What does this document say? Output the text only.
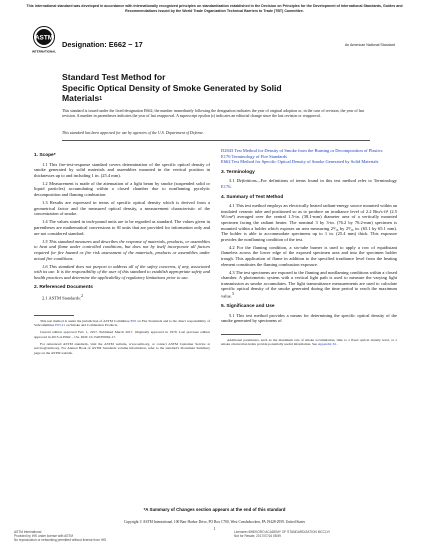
This international standard was developed in accordance with internationally recognized principles on standardization established in the Decision on Principles for the Development of International Standards, Guides and Recommendations issued by the World Trade Organization Technical Barriers to Trade (TBT) Committee.
ASTM
INTERNATIONAL
Designation: E662 − 17	An American National Standard
Standard Test Method for
Specific Optical Density of Smoke Generated by Solid
Materials$^1$
This standard is issued under the fixed designation E662; the number immediately following the designation indicates the year of original adoption or, in the case of revision, the year of last revision. A number in parentheses indicates the year of last reapproval. A superscript epsilon (ε) indicates an editorial change since the last revision or reapproval.
This standard has been approved for use by agencies of the U.S. Department of Defense.
1. Scope*

1.1 This fire-test-response standard covers determination of the specific optical density of smoke generated by solid materials and assemblies mounted in the vertical position in thicknesses up to and including 1 in. (25.4 mm).

1.2 Measurement is made of the attenuation of a light beam by smoke (suspended solid or liquid particles) accumulating within a closed chamber due to nonflaming pyrolytic decomposition and flaming combustion.

1.3 Results are expressed in terms of specific optical density which is derived from a geometrical factor and the measured optical density, a measurement characteristic of the concentration of smoke.

1.4 The values stated in inch-pound units are to be regarded as standard. The values given in parentheses are mathematical conversions to SI units that are provided for information only and are not considered standard.

1.5 This standard measures and describes the response of materials, products, or assemblies to heat and flame under controlled conditions, but does not by itself incorporate all factors required for fire hazard or fire risk assessment of the materials, products or assemblies under actual fire conditions.

1.6 This standard does not purport to address all of the safety concerns, if any, associated with its use. It is the responsibility of the user of this standard to establish appropriate safety and health practices and determine the applicability of regulatory limitations prior to use.

2. Referenced Documents

2.1 ASTM Standards:$^2$

This test method is under the jurisdiction of ASTM Committee E05 on Fire Standards and is the direct responsibility of Subcommittee E05.21 on Smoke and Combustion Products.

Current edition approved Feb. 1, 2017. Published March 2017. Originally approved in 1979. Last previous edition approved in 2015 as E662 – 15a. DOI: 10.1520/E0662-17.

For referenced ASTM standards, visit the ASTM website, www.astm.org, or contact ASTM Customer Service at service@astm.org. For Annual Book of ASTM Standards volume information, refer to the standard's Document Summary page on the ASTM website.

D2843 Test Method for Density of Smoke from the Burning or Decomposition of Plastics

E176 Terminology of Fire Standards

E662 Test Method for Specific Optical Density of Smoke Generated by Solid Materials

3. Terminology

3.1 Definitions—For definitions of terms found in this test method refer to Terminology E176.

4. Summary of Test Method

4.1 This test method employs an electrically heated radiant-energy source mounted within an insulated ceramic tube and positioned so as to produce an irradiance level of 2.2 Btu/s·ft² (2.5 W/cm²) averaged over the central 1.5-in. (38.1-mm) diameter area of a vertically mounted specimen facing the radiant heater. The nominal 3 by 3-in. (76.2 by 76.2-mm) specimen is mounted within a holder which exposes an area measuring 2⁹⁄₁₆ by 2⁹⁄₁₆ in. (65.1 by 65.1 mm). The holder is able to accommodate specimens up to 1 in. (25.4 mm) thick. This exposure provides the nonflaming condition of the test.

4.2 For the flaming condition, a six-tube burner is used to apply a row of equidistant flamelets across the lower edge of the exposed specimen area and into the specimen holder trough. This application of flame in addition to the specified irradiance level from the heating element constitutes the flaming combustion exposure.

4.3 The test specimens are exposed to the flaming and nonflaming conditions within a closed chamber. A photometric system with a vertical light path is used to measure the varying light transmission as smoke accumulates. The light transmittance measurements are used to calculate specific optical density of the smoke generated during the time period to reach the maximum value.$^3$

5. Significance and Use

5.1 This test method provides a means for determining the specific optical density of the smoke generated by specimens of

Additional parameters, such as the maximum rate of smoke accumulation, time to a fixed optical density level, or a smoke obscuration index provide potentially useful information. See Appendix X1.

*A Summary of Changes section appears at the end of this standard
Copyright © ASTM International, 100 Barr Harbor Drive, PO Box C700, West Conshohocken, PA 19428-2959. United States
1
ASTM International
Provided by IHS under license with ASTM
No reproduction or networking permitted without license from IHS
Licensee=BHEKORO ACADEMY OF STANDARDIZATION MCC1Vl
Not for Resale, 2017/07/16 08:59
